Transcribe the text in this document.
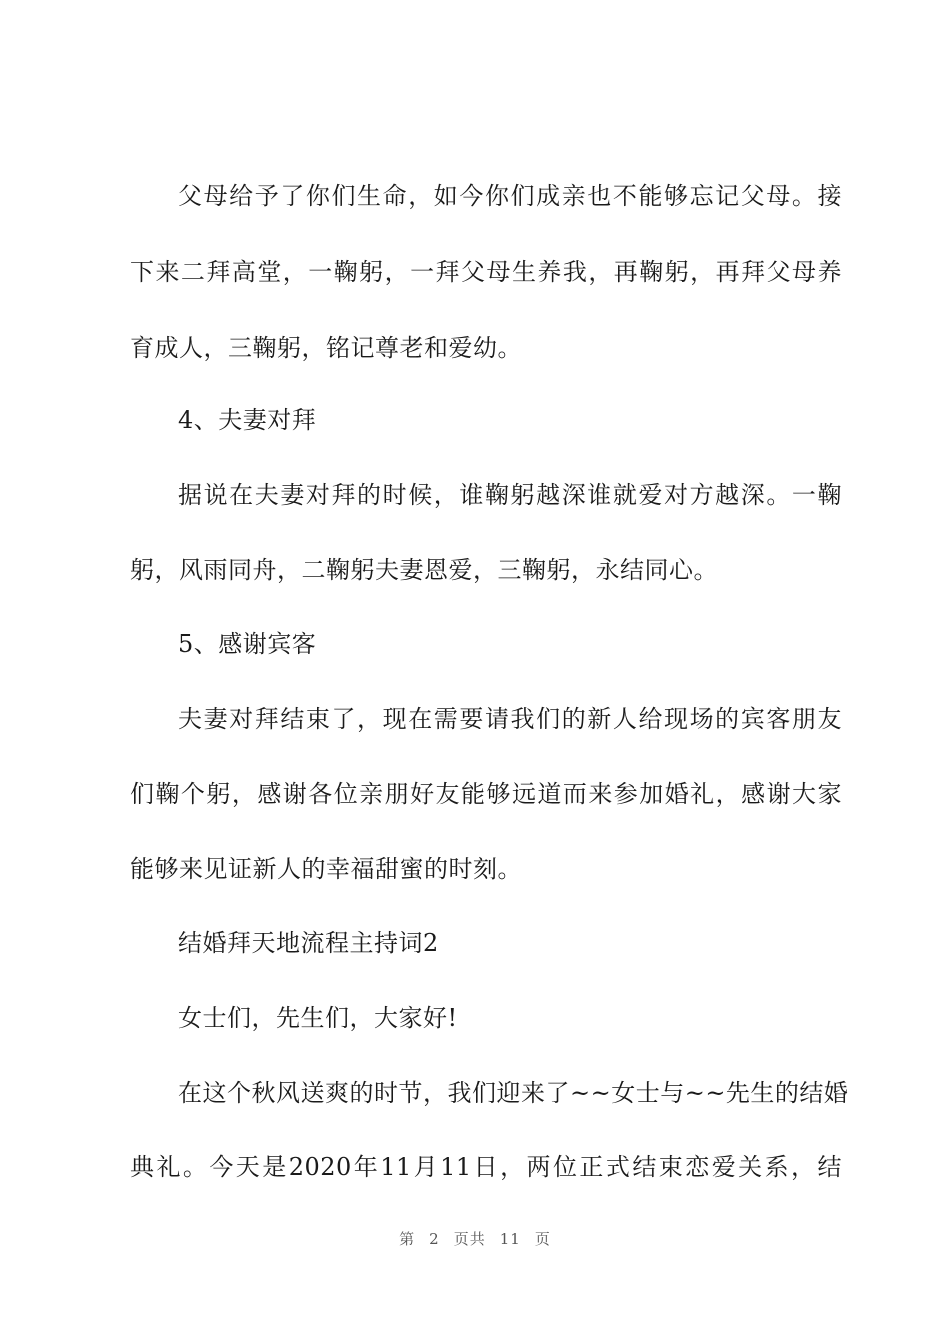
父母给予了你们生命，如今你们成亲也不能够忘记父母。接
下来二拜高堂，一鞠躬，一拜父母生养我，再鞠躬，再拜父母养
育成人，三鞠躬，铭记尊老和爱幼。
4、夫妻对拜
据说在夫妻对拜的时候，谁鞠躬越深谁就爱对方越深。一鞠
躬，风雨同舟，二鞠躬夫妻恩爱，三鞠躬，永结同心。
5、感谢宾客
夫妻对拜结束了，现在需要请我们的新人给现场的宾客朋友
们鞠个躬，感谢各位亲朋好友能够远道而来参加婚礼，感谢大家
能够来见证新人的幸福甜蜜的时刻。
结婚拜天地流程主持词2
女士们，先生们，大家好!
在这个秋风送爽的时节，我们迎来了~~女士与~~先生的结婚
典礼。今天是2020年11月11日，两位正式结束恋爱关系，结
第 2 页共 11 页
